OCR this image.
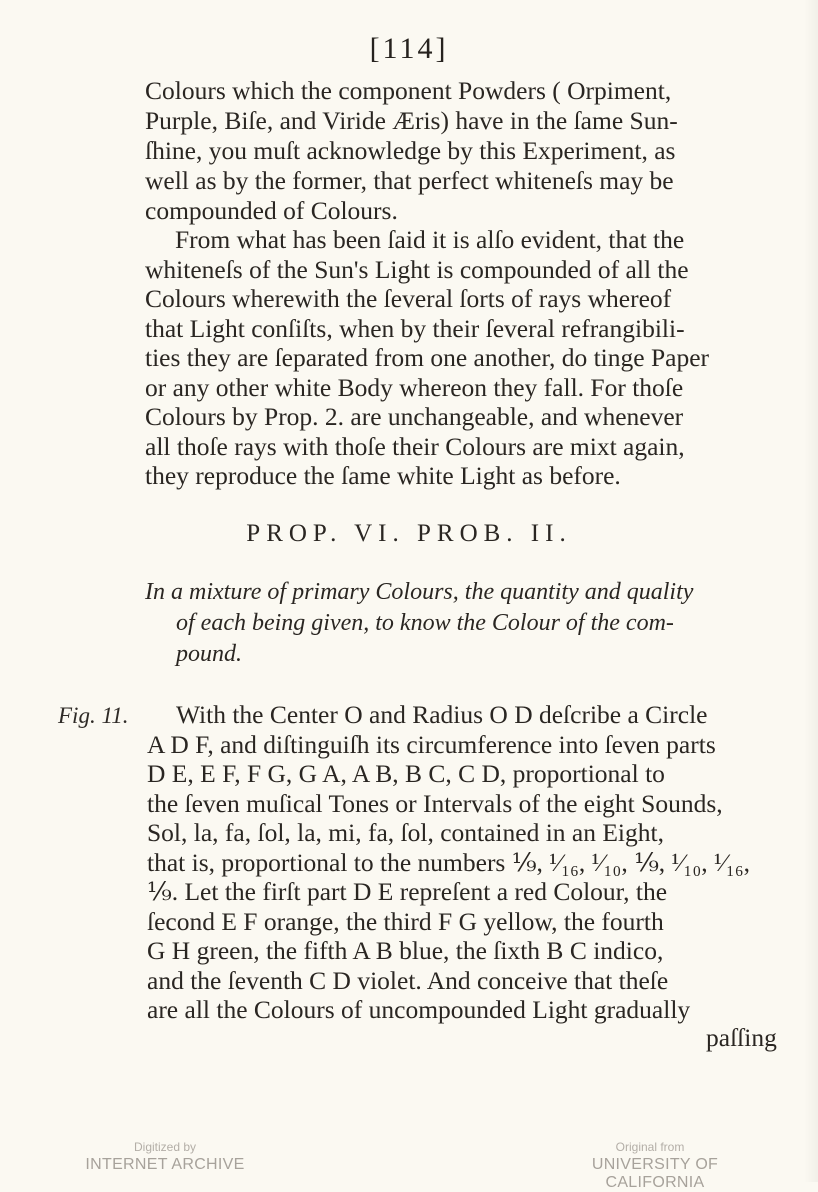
[114]
Colours which the component Powders ( Orpiment,
Purple, Biſe, and Viride Æris) have in the ſame Sun-
ſhine, you muſt acknowledge by this Experiment, as
well as by the former, that perfect whiteneſs may be
compounded of Colours.
From what has been ſaid it is alſo evident, that the
whiteneſs of the Sun's Light is compounded of all the
Colours wherewith the ſeveral ſorts of rays whereof
that Light conſiſts, when by their ſeveral refrangibili-
ties they are ſeparated from one another, do tinge Paper
or any other white Body whereon they fall. For thoſe
Colours by Prop. 2. are unchangeable, and whenever
all thoſe rays with thoſe their Colours are mixt again,
they reproduce the ſame white Light as before.
PROP. VI. PROB. II.
In a mixture of primary Colours, the quantity and quality
of each being given, to know the Colour of the com-
pound.
Fig. 11. With the Center O and Radius O D deſcribe a Circle
A D F, and diſtinguiſh its circumference into ſeven parts
D E, E F, F G, G A, A B, B C, C D, proportional to
the ſeven muſical Tones or Intervals of the eight Sounds,
Sol, la, fa, ſol, la, mi, fa, ſol, contained in an Eight,
that is, proportional to the numbers ⅑, ¹⁄₁₆, ¹⁄₁₀, ⅑, ¹⁄₁₀, ¹⁄₁₆,
⅑. Let the firſt part D E repreſent a red Colour, the
ſecond E F orange, the third F G yellow, the fourth
G H green, the fifth A B blue, the ſixth B C indico,
and the ſeventh C D violet. And conceive that theſe
are all the Colours of uncompounded Light gradually
paſſing
Digitized by
INTERNET ARCHIVE
Original from
UNIVERSITY OF CALIFORNIA
